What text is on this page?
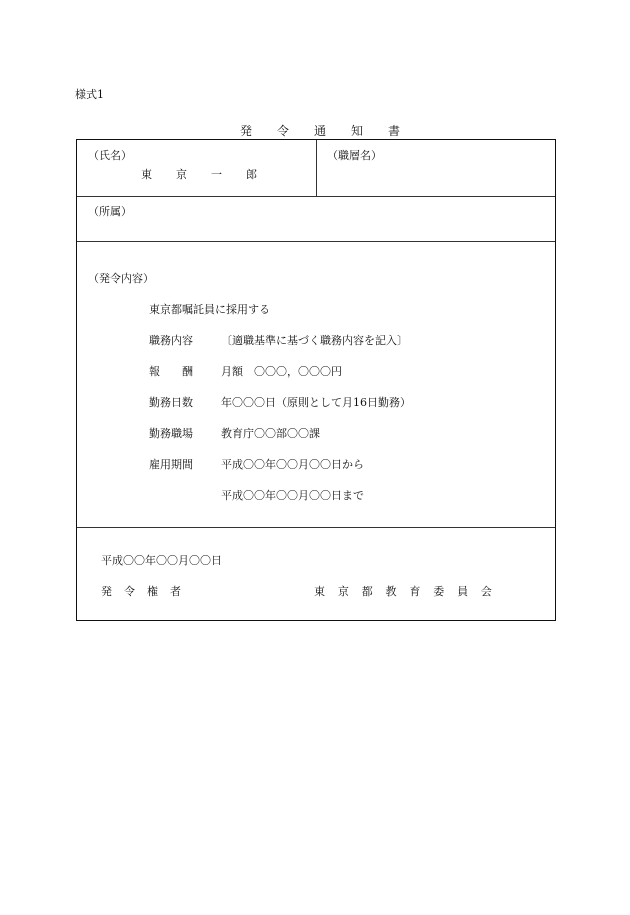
様式1
発 令 通 知 書
（氏名）
東 京 一 郎
（職層名）
（所属）
（発令内容）
東京都嘱託員に採用する
職務内容	〔適職基準に基づく職務内容を記入〕
報　　酬	月額　〇〇〇，〇〇〇円
勤務日数	年〇〇〇日（原則として月16日勤務）
勤務職場	教育庁〇〇部〇〇課
雇用期間	平成〇〇年〇〇月〇〇日から
平成〇〇年〇〇月〇〇日まで
平成〇〇年〇〇月〇〇日
発 令 権 者	東 京 都 教 育 委 員 会
